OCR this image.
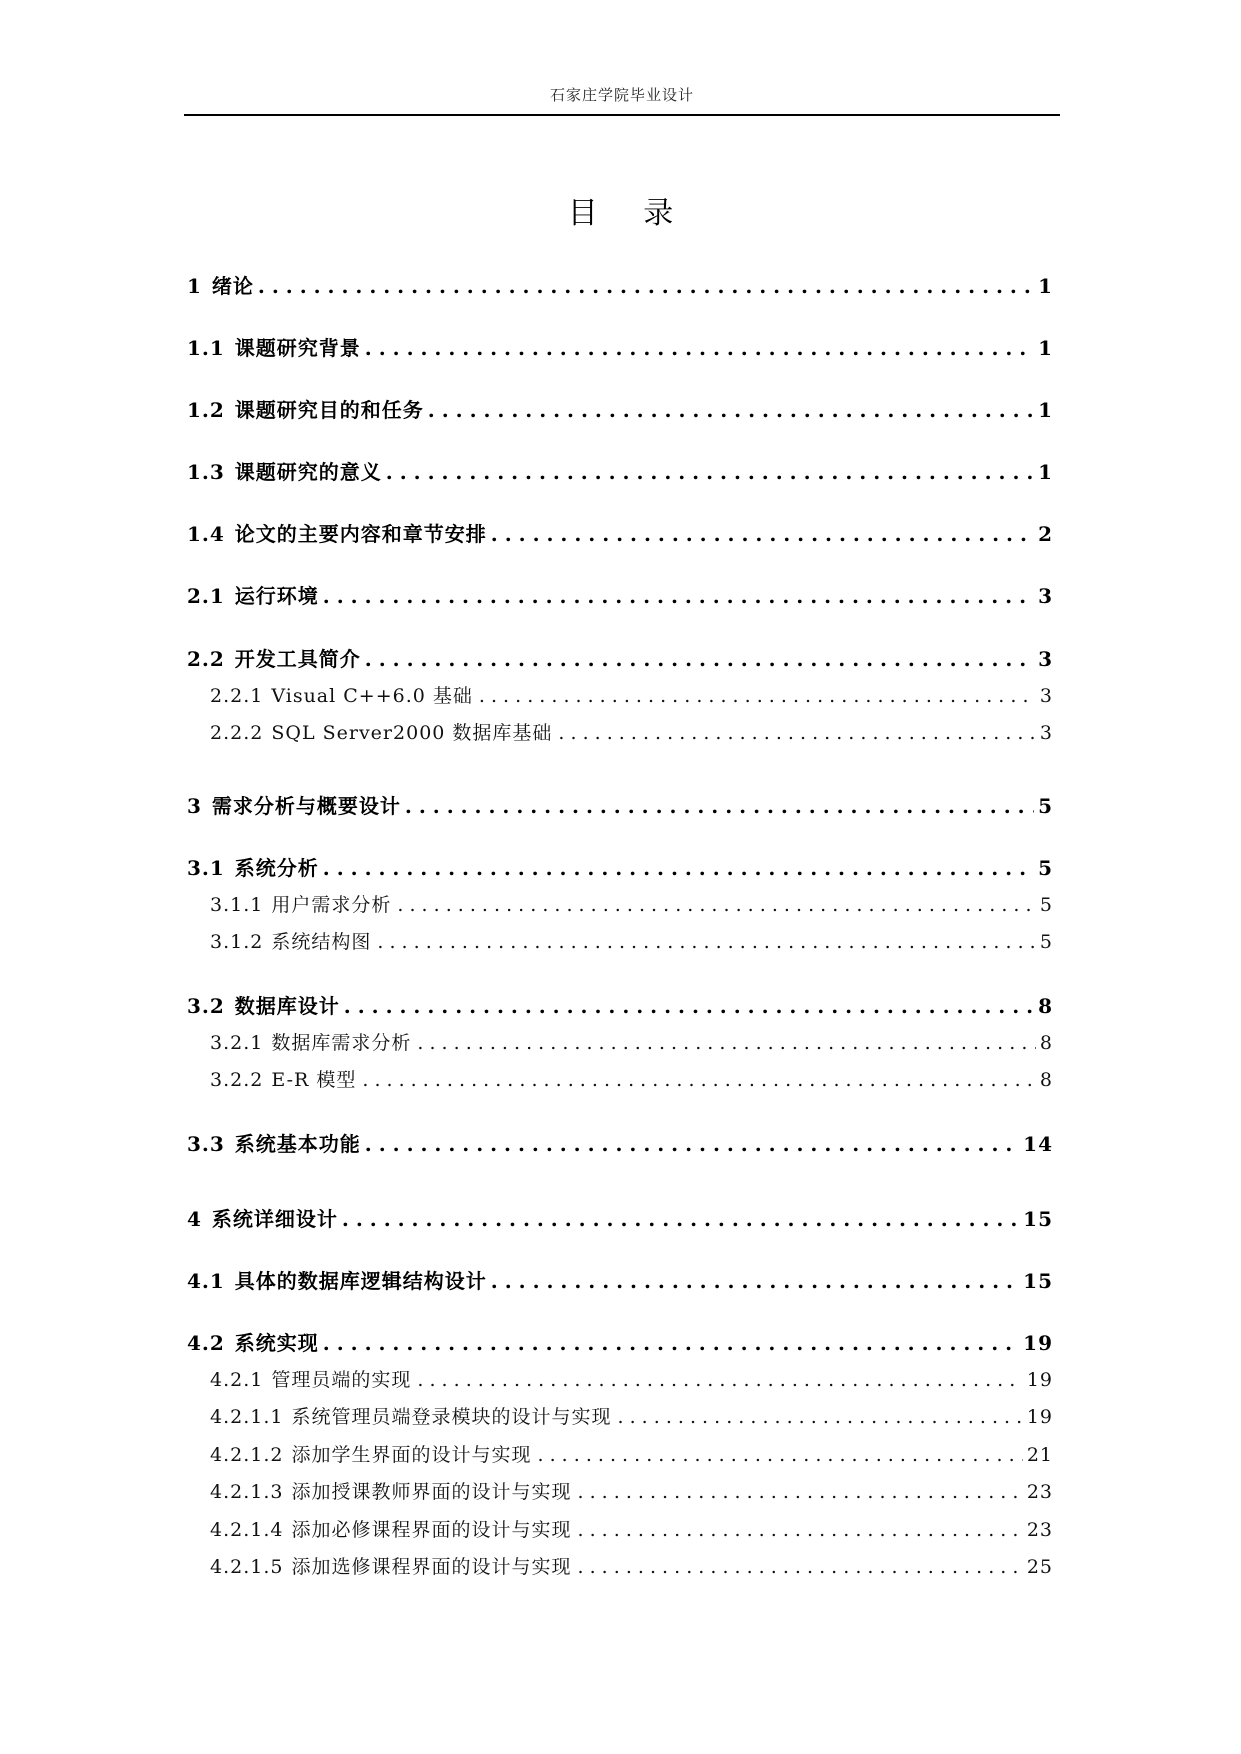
石家庄学院毕业设计
目 录
1 绪论 . . .	1
1.1 课题研究背景 . . .	1
1.2 课题研究目的和任务 . . .	1
1.3 课题研究的意义 . . .	1
1.4 论文的主要内容和章节安排 . . .	2
2.1 运行环境 . . .	3
2.2 开发工具简介 . . .	3
2.2.1 Visual C++6.0 基础 . . .	3
2.2.2 SQL Server2000 数据库基础 . . .	3
3 需求分析与概要设计 . . .	5
3.1 系统分析 . . .	5
3.1.1 用户需求分析 . . .	5
3.1.2 系统结构图 . . .	5
3.2 数据库设计 . . .	8
3.2.1 数据库需求分析 . . .	8
3.2.2 E-R 模型 . . .	8
3.3 系统基本功能 . . .	14
4 系统详细设计 . . .	15
4.1 具体的数据库逻辑结构设计 . . .	15
4.2 系统实现 . . .	19
4.2.1 管理员端的实现 . . .	19
4.2.1.1 系统管理员端登录模块的设计与实现 . . .	19
4.2.1.2 添加学生界面的设计与实现 . . .	21
4.2.1.3 添加授课教师界面的设计与实现 . . .	23
4.2.1.4 添加必修课程界面的设计与实现 . . .	23
4.2.1.5 添加选修课程界面的设计与实现 . . .	25
